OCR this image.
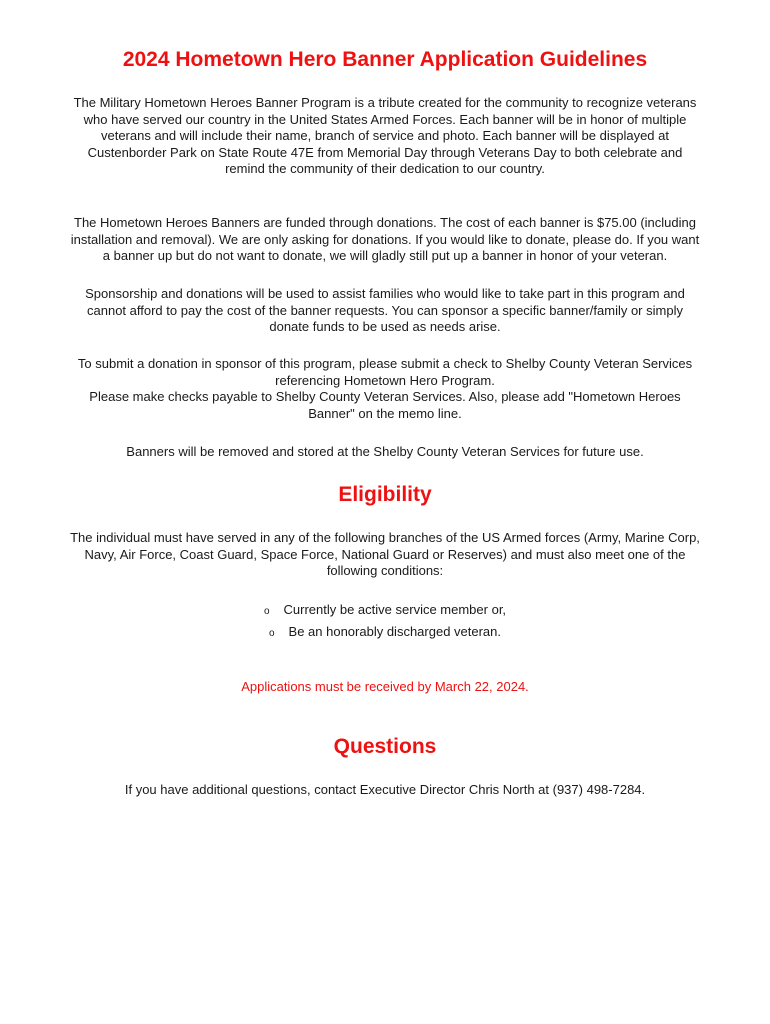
2024 Hometown Hero Banner Application Guidelines

The Military Hometown Heroes Banner Program is a tribute created for the community to recognize veterans
who have served our country in the United States Armed Forces. Each banner will be in honor of multiple
veterans and will include their name, branch of service and photo. Each banner will be displayed at
Custenborder Park on State Route 47E from Memorial Day through Veterans Day to both celebrate and
remind the community of their dedication to our country.

The Hometown Heroes Banners are funded through donations. The cost of each banner is $75.00 (including
installation and removal). We are only asking for donations. If you would like to donate, please do. If you want
a banner up but do not want to donate, we will gladly still put up a banner in honor of your veteran.

Sponsorship and donations will be used to assist families who would like to take part in this program and
cannot afford to pay the cost of the banner requests. You can sponsor a specific banner/family or simply
donate funds to be used as needs arise.

To submit a donation in sponsor of this program, please submit a check to Shelby County Veteran Services
referencing Hometown Hero Program.
Please make checks payable to Shelby County Veteran Services. Also, please add "Hometown Heroes
Banner" on the memo line.

Banners will be removed and stored at the Shelby County Veteran Services for future use.

Eligibility

The individual must have served in any of the following branches of the US Armed forces (Army, Marine Corp,
Navy, Air Force, Coast Guard, Space Force, National Guard or Reserves) and must also meet one of the
following conditions:

o Currently be active service member or,
o Be an honorably discharged veteran.

Applications must be received by March 22, 2024.

Questions

If you have additional questions, contact Executive Director Chris North at (937) 498-7284.
